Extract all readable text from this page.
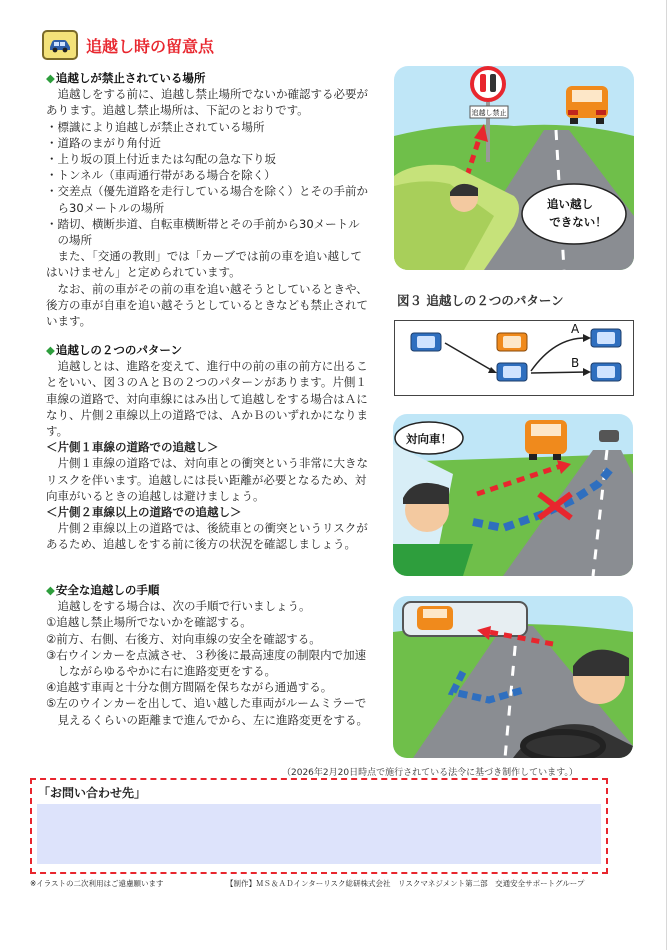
追越し時の留意点
◆追越しが禁止されている場所
追越しをする前に、追越し禁止場所でないか確認する必要があります。追越し禁止場所は、下記のとおりです。
・標識により追越しが禁止されている場所
・道路のまがり角付近
・上り坂の頂上付近または勾配の急な下り坂
・トンネル（車両通行帯がある場合を除く）
・交差点（優先道路を走行している場合を除く）とその手前から30メートルの場所
・踏切、横断歩道、自転車横断帯とその手前から30メートルの場所
また、「交通の教則」では「カーブでは前の車を追い越してはいけません」と定められています。
なお、前の車がその前の車を追い越そうとしているときや、後方の車が自車を追い越そうとしているときなども禁止されています。
◆追越しの２つのパターン
追越しとは、進路を変えて、進行中の前の車の前方に出ることをいい、図３のＡとＢの２つのパターンがあります。片側１車線の道路で、対向車線にはみ出して追越しをする場合はＡになり、片側２車線以上の道路では、ＡかＢのいずれかになります。
＜片側１車線の道路での追越し＞
片側１車線の道路では、対向車との衝突という非常に大きなリスクを伴います。追越しには長い距離が必要となるため、対向車がいるときの追越しは避けましょう。
＜片側２車線以上の道路での追越し＞
片側２車線以上の道路では、後続車との衝突というリスクがあるため、追越しをする前に後方の状況を確認しましょう。
◆安全な追越しの手順
追越しをする場合は、次の手順で行いましょう。
①追越し禁止場所でないかを確認する。
②前方、右側、右後方、対向車線の安全を確認する。
③右ウインカーを点滅させ、３秒後に最高速度の制限内で加速しながらゆるやかに右に進路変更をする。
④追越す車両と十分な側方間隔を保ちながら通過する。
⑤左のウインカーを出して、追い越した車両がルームミラーで見えるくらいの距離まで進んでから、左に進路変更をする。
追越し禁止
追い越し
できない！
図３ 追越しの２つのパターン
A
B
対向車！
（2026年2月20日時点で施行されている法令に基づき制作しています。）
「お問い合わせ先」
※イラストの二次利用はご遠慮願います	【制作】ＭＳ＆ＡＤインターリスク総研株式会社　リスクマネジメント第二部　交通安全サポートグループ
